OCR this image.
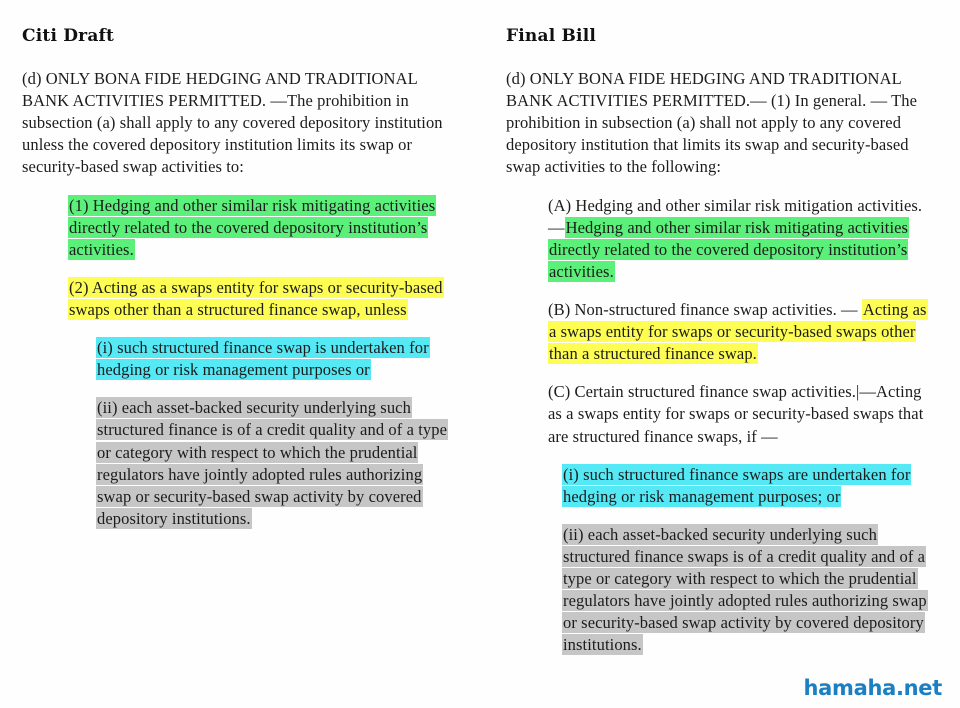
Citi Draft

(d) ONLY BONA FIDE HEDGING AND TRADITIONAL BANK ACTIVITIES PERMITTED. —The prohibition in subsection (a) shall apply to any covered depository institution unless the covered depository institution limits its swap or security-based swap activities to:

(1) Hedging and other similar risk mitigating activities directly related to the covered depository institution’s activities.

(2) Acting as a swaps entity for swaps or security-based swaps other than a structured finance swap, unless

(i) such structured finance swap is undertaken for hedging or risk management purposes or

(ii) each asset-backed security underlying such structured finance is of a credit quality and of a type or category with respect to which the prudential regulators have jointly adopted rules authorizing swap or security-based swap activity by covered depository institutions.

Final Bill

(d) ONLY BONA FIDE HEDGING AND TRADITIONAL BANK ACTIVITIES PERMITTED.— (1) In general. — The prohibition in subsection (a) shall not apply to any covered depository institution that limits its swap and security-based swap activities to the following:

(A) Hedging and other similar risk mitigation activities.—Hedging and other similar risk mitigating activities directly related to the covered depository institution’s activities.

(B) Non-structured finance swap activities. — Acting as a swaps entity for swaps or security-based swaps other than a structured finance swap.

(C) Certain structured finance swap activities.|—Acting as a swaps entity for swaps or security-based swaps that are structured finance swaps, if —

(i) such structured finance swaps are undertaken for hedging or risk management purposes; or

(ii) each asset-backed security underlying such structured finance swaps is of a credit quality and of a type or category with respect to which the prudential regulators have jointly adopted rules authorizing swap or security-based swap activity by covered depository institutions.

hamaha.net
